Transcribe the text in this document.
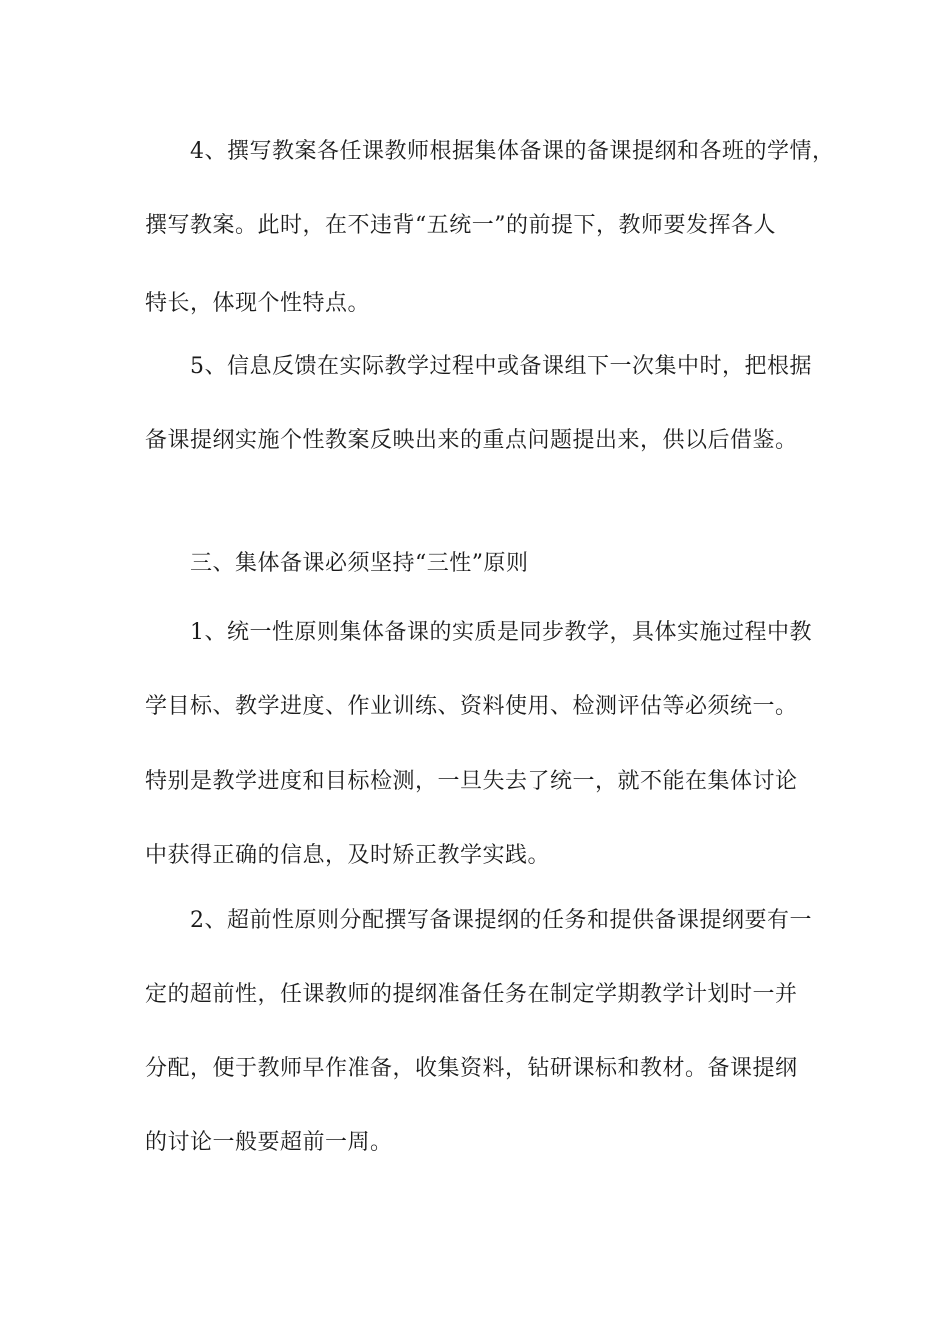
4、撰写教案各任课教师根据集体备课的备课提纲和各班的学情，
撰写教案。此时，在不违背“五统一”的前提下，教师要发挥各人
特长，体现个性特点。
5、信息反馈在实际教学过程中或备课组下一次集中时，把根据
备课提纲实施个性教案反映出来的重点问题提出来，供以后借鉴。
三、集体备课必须坚持“三性”原则
1、统一性原则集体备课的实质是同步教学，具体实施过程中教
学目标、教学进度、作业训练、资料使用、检测评估等必须统一。
特别是教学进度和目标检测，一旦失去了统一，就不能在集体讨论
中获得正确的信息，及时矫正教学实践。
2、超前性原则分配撰写备课提纲的任务和提供备课提纲要有一
定的超前性，任课教师的提纲准备任务在制定学期教学计划时一并
分配，便于教师早作准备，收集资料，钻研课标和教材。备课提纲
的讨论一般要超前一周。
